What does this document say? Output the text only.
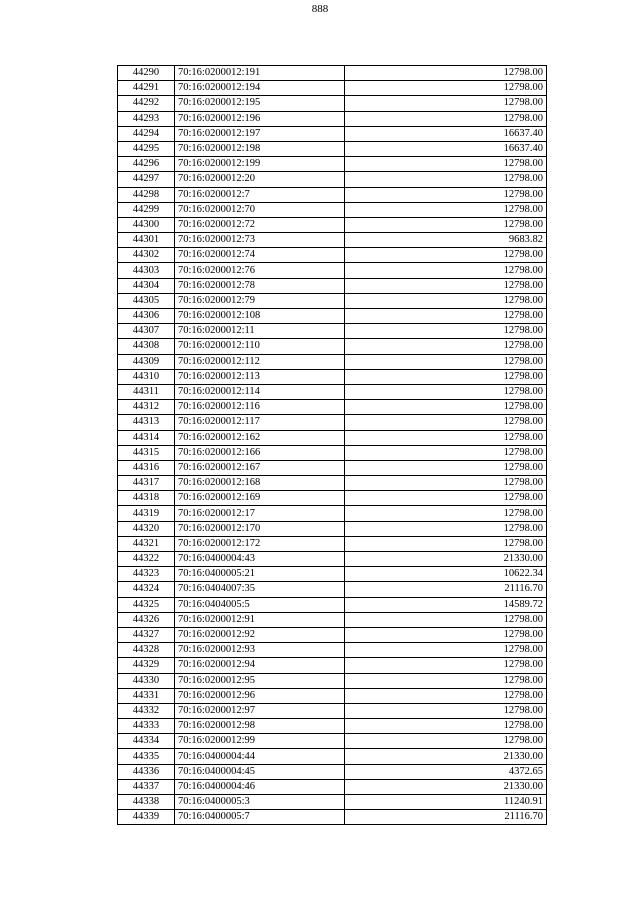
888
44290	70:16:0200012:191	12798.00
44291	70:16:0200012:194	12798.00
44292	70:16:0200012:195	12798.00
44293	70:16:0200012:196	12798.00
44294	70:16:0200012:197	16637.40
44295	70:16:0200012:198	16637.40
44296	70:16:0200012:199	12798.00
44297	70:16:0200012:20	12798.00
44298	70:16:0200012:7	12798.00
44299	70:16:0200012:70	12798.00
44300	70:16:0200012:72	12798.00
44301	70:16:0200012:73	9683.82
44302	70:16:0200012:74	12798.00
44303	70:16:0200012:76	12798.00
44304	70:16:0200012:78	12798.00
44305	70:16:0200012:79	12798.00
44306	70:16:0200012:108	12798.00
44307	70:16:0200012:11	12798.00
44308	70:16:0200012:110	12798.00
44309	70:16:0200012:112	12798.00
44310	70:16:0200012:113	12798.00
44311	70:16:0200012:114	12798.00
44312	70:16:0200012:116	12798.00
44313	70:16:0200012:117	12798.00
44314	70:16:0200012:162	12798.00
44315	70:16:0200012:166	12798.00
44316	70:16:0200012:167	12798.00
44317	70:16:0200012:168	12798.00
44318	70:16:0200012:169	12798.00
44319	70:16:0200012:17	12798.00
44320	70:16:0200012:170	12798.00
44321	70:16:0200012:172	12798.00
44322	70:16:0400004:43	21330.00
44323	70:16:0400005:21	10622.34
44324	70:16:0404007:35	21116.70
44325	70:16:0404005:5	14589.72
44326	70:16:0200012:91	12798.00
44327	70:16:0200012:92	12798.00
44328	70:16:0200012:93	12798.00
44329	70:16:0200012:94	12798.00
44330	70:16:0200012:95	12798.00
44331	70:16:0200012:96	12798.00
44332	70:16:0200012:97	12798.00
44333	70:16:0200012:98	12798.00
44334	70:16:0200012:99	12798.00
44335	70:16:0400004:44	21330.00
44336	70:16:0400004:45	4372.65
44337	70:16:0400004:46	21330.00
44338	70:16:0400005:3	11240.91
44339	70:16:0400005:7	21116.70
